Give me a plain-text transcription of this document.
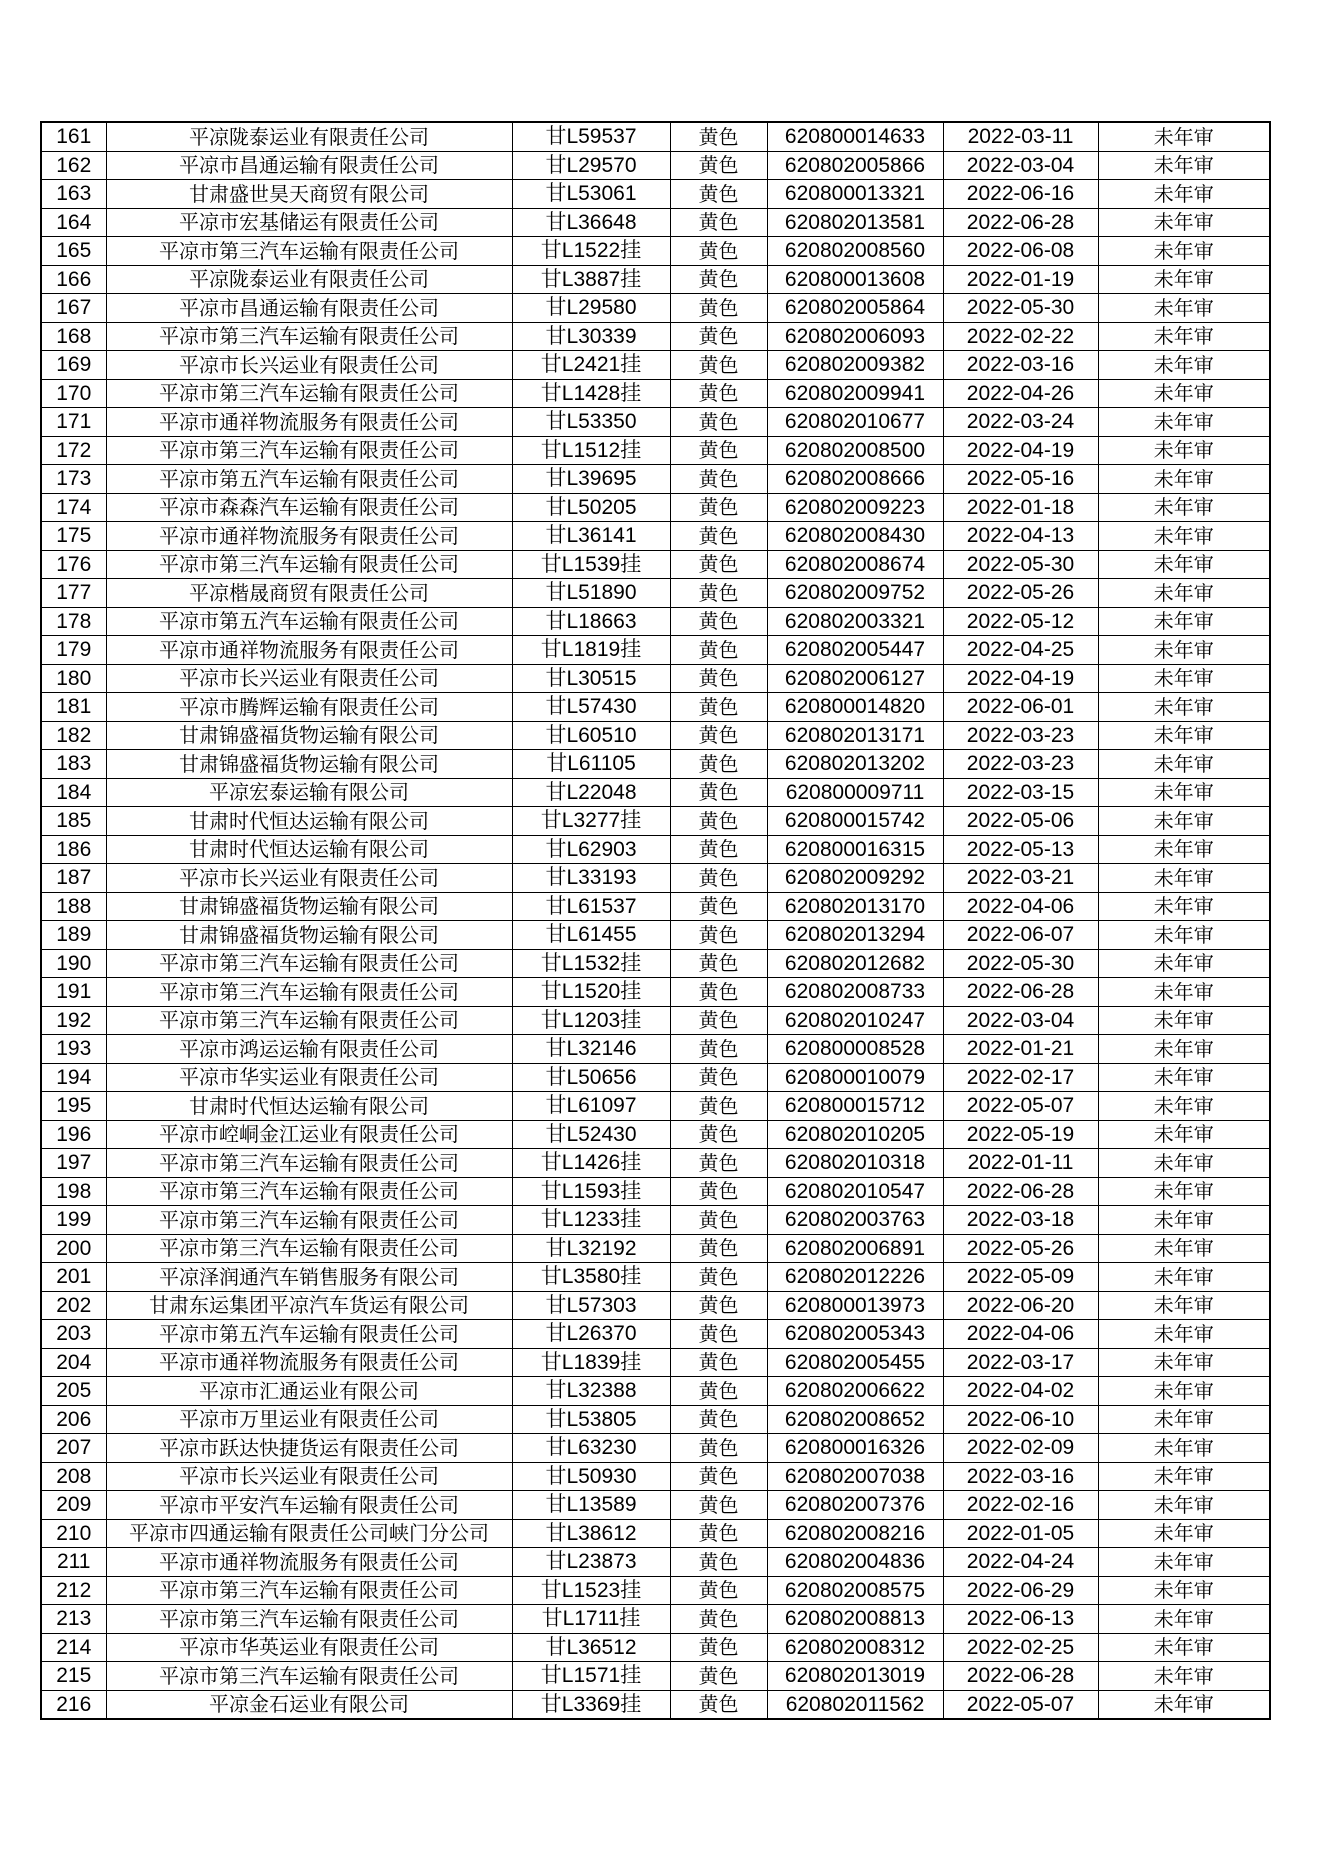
161	平凉陇泰运业有限责任公司	甘L59537	黄色	620800014633	2022-03-11	未年审
162	平凉市昌通运输有限责任公司	甘L29570	黄色	620802005866	2022-03-04	未年审
163	甘肃盛世昊天商贸有限公司	甘L53061	黄色	620800013321	2022-06-16	未年审
164	平凉市宏基储运有限责任公司	甘L36648	黄色	620802013581	2022-06-28	未年审
165	平凉市第三汽车运输有限责任公司	甘L1522挂	黄色	620802008560	2022-06-08	未年审
166	平凉陇泰运业有限责任公司	甘L3887挂	黄色	620800013608	2022-01-19	未年审
167	平凉市昌通运输有限责任公司	甘L29580	黄色	620802005864	2022-05-30	未年审
168	平凉市第三汽车运输有限责任公司	甘L30339	黄色	620802006093	2022-02-22	未年审
169	平凉市长兴运业有限责任公司	甘L2421挂	黄色	620802009382	2022-03-16	未年审
170	平凉市第三汽车运输有限责任公司	甘L1428挂	黄色	620802009941	2022-04-26	未年审
171	平凉市通祥物流服务有限责任公司	甘L53350	黄色	620802010677	2022-03-24	未年审
172	平凉市第三汽车运输有限责任公司	甘L1512挂	黄色	620802008500	2022-04-19	未年审
173	平凉市第五汽车运输有限责任公司	甘L39695	黄色	620802008666	2022-05-16	未年审
174	平凉市森森汽车运输有限责任公司	甘L50205	黄色	620802009223	2022-01-18	未年审
175	平凉市通祥物流服务有限责任公司	甘L36141	黄色	620802008430	2022-04-13	未年审
176	平凉市第三汽车运输有限责任公司	甘L1539挂	黄色	620802008674	2022-05-30	未年审
177	平凉楷晟商贸有限责任公司	甘L51890	黄色	620802009752	2022-05-26	未年审
178	平凉市第五汽车运输有限责任公司	甘L18663	黄色	620802003321	2022-05-12	未年审
179	平凉市通祥物流服务有限责任公司	甘L1819挂	黄色	620802005447	2022-04-25	未年审
180	平凉市长兴运业有限责任公司	甘L30515	黄色	620802006127	2022-04-19	未年审
181	平凉市腾辉运输有限责任公司	甘L57430	黄色	620800014820	2022-06-01	未年审
182	甘肃锦盛福货物运输有限公司	甘L60510	黄色	620802013171	2022-03-23	未年审
183	甘肃锦盛福货物运输有限公司	甘L61105	黄色	620802013202	2022-03-23	未年审
184	平凉宏泰运输有限公司	甘L22048	黄色	620800009711	2022-03-15	未年审
185	甘肃时代恒达运输有限公司	甘L3277挂	黄色	620800015742	2022-05-06	未年审
186	甘肃时代恒达运输有限公司	甘L62903	黄色	620800016315	2022-05-13	未年审
187	平凉市长兴运业有限责任公司	甘L33193	黄色	620802009292	2022-03-21	未年审
188	甘肃锦盛福货物运输有限公司	甘L61537	黄色	620802013170	2022-04-06	未年审
189	甘肃锦盛福货物运输有限公司	甘L61455	黄色	620802013294	2022-06-07	未年审
190	平凉市第三汽车运输有限责任公司	甘L1532挂	黄色	620802012682	2022-05-30	未年审
191	平凉市第三汽车运输有限责任公司	甘L1520挂	黄色	620802008733	2022-06-28	未年审
192	平凉市第三汽车运输有限责任公司	甘L1203挂	黄色	620802010247	2022-03-04	未年审
193	平凉市鸿运运输有限责任公司	甘L32146	黄色	620800008528	2022-01-21	未年审
194	平凉市华实运业有限责任公司	甘L50656	黄色	620800010079	2022-02-17	未年审
195	甘肃时代恒达运输有限公司	甘L61097	黄色	620800015712	2022-05-07	未年审
196	平凉市崆峒金江运业有限责任公司	甘L52430	黄色	620802010205	2022-05-19	未年审
197	平凉市第三汽车运输有限责任公司	甘L1426挂	黄色	620802010318	2022-01-11	未年审
198	平凉市第三汽车运输有限责任公司	甘L1593挂	黄色	620802010547	2022-06-28	未年审
199	平凉市第三汽车运输有限责任公司	甘L1233挂	黄色	620802003763	2022-03-18	未年审
200	平凉市第三汽车运输有限责任公司	甘L32192	黄色	620802006891	2022-05-26	未年审
201	平凉泽润通汽车销售服务有限公司	甘L3580挂	黄色	620802012226	2022-05-09	未年审
202	甘肃东运集团平凉汽车货运有限公司	甘L57303	黄色	620800013973	2022-06-20	未年审
203	平凉市第五汽车运输有限责任公司	甘L26370	黄色	620802005343	2022-04-06	未年审
204	平凉市通祥物流服务有限责任公司	甘L1839挂	黄色	620802005455	2022-03-17	未年审
205	平凉市汇通运业有限公司	甘L32388	黄色	620802006622	2022-04-02	未年审
206	平凉市万里运业有限责任公司	甘L53805	黄色	620802008652	2022-06-10	未年审
207	平凉市跃达快捷货运有限责任公司	甘L63230	黄色	620800016326	2022-02-09	未年审
208	平凉市长兴运业有限责任公司	甘L50930	黄色	620802007038	2022-03-16	未年审
209	平凉市平安汽车运输有限责任公司	甘L13589	黄色	620802007376	2022-02-16	未年审
210	平凉市四通运输有限责任公司峡门分公司	甘L38612	黄色	620802008216	2022-01-05	未年审
211	平凉市通祥物流服务有限责任公司	甘L23873	黄色	620802004836	2022-04-24	未年审
212	平凉市第三汽车运输有限责任公司	甘L1523挂	黄色	620802008575	2022-06-29	未年审
213	平凉市第三汽车运输有限责任公司	甘L1711挂	黄色	620802008813	2022-06-13	未年审
214	平凉市华英运业有限责任公司	甘L36512	黄色	620802008312	2022-02-25	未年审
215	平凉市第三汽车运输有限责任公司	甘L1571挂	黄色	620802013019	2022-06-28	未年审
216	平凉金石运业有限公司	甘L3369挂	黄色	620802011562	2022-05-07	未年审
